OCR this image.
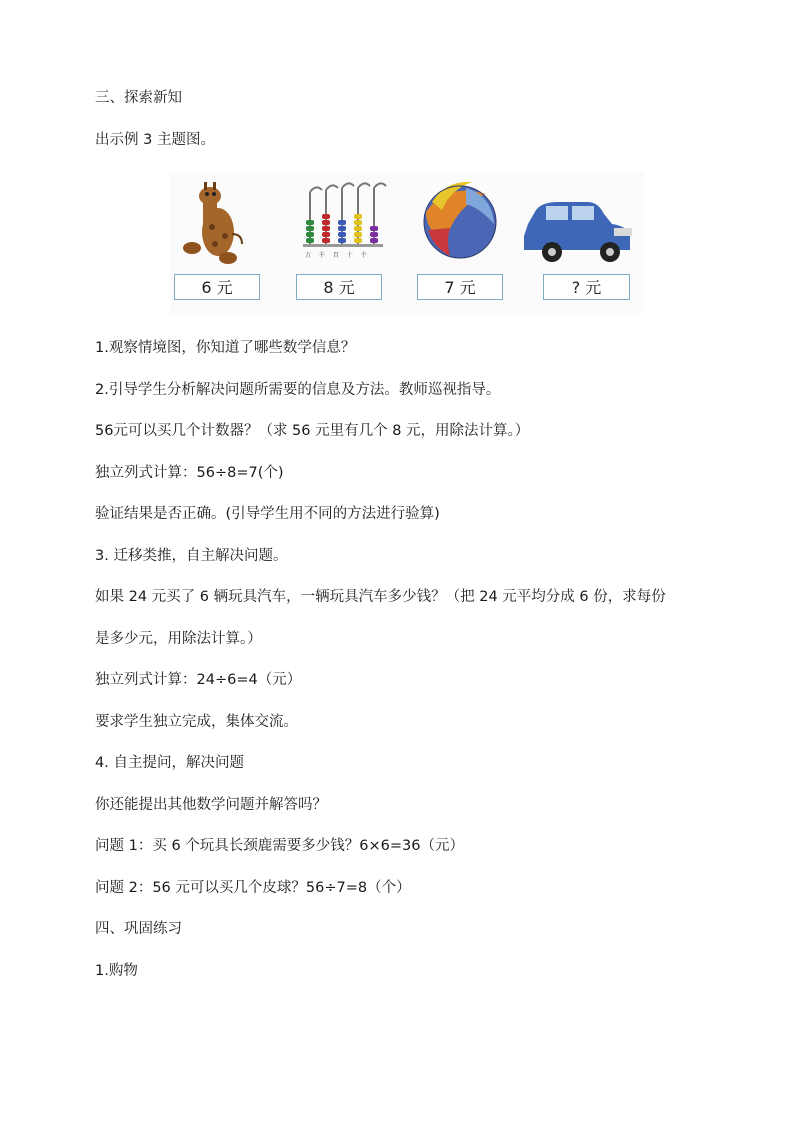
三、探索新知
出示例 3 主题图。
万 千 百 十 个
6 元	8 元	7 元	? 元
1.观察情境图，你知道了哪些数学信息？
2.引导学生分析解决问题所需要的信息及方法。教师巡视指导。
56元可以买几个计数器？（求 56 元里有几个 8 元，用除法计算。）
独立列式计算：56÷8=7(个)
验证结果是否正确。(引导学生用不同的方法进行验算)
3. 迁移类推，自主解决问题。
如果 24 元买了 6 辆玩具汽车，一辆玩具汽车多少钱？（把 24 元平均分成 6 份，求每份
是多少元，用除法计算。）
独立列式计算：24÷6=4（元）
要求学生独立完成，集体交流。
4. 自主提问，解决问题
你还能提出其他数学问题并解答吗？
问题 1：买 6 个玩具长颈鹿需要多少钱？6×6=36（元）
问题 2：56 元可以买几个皮球？56÷7=8（个）
四、巩固练习
1.购物
